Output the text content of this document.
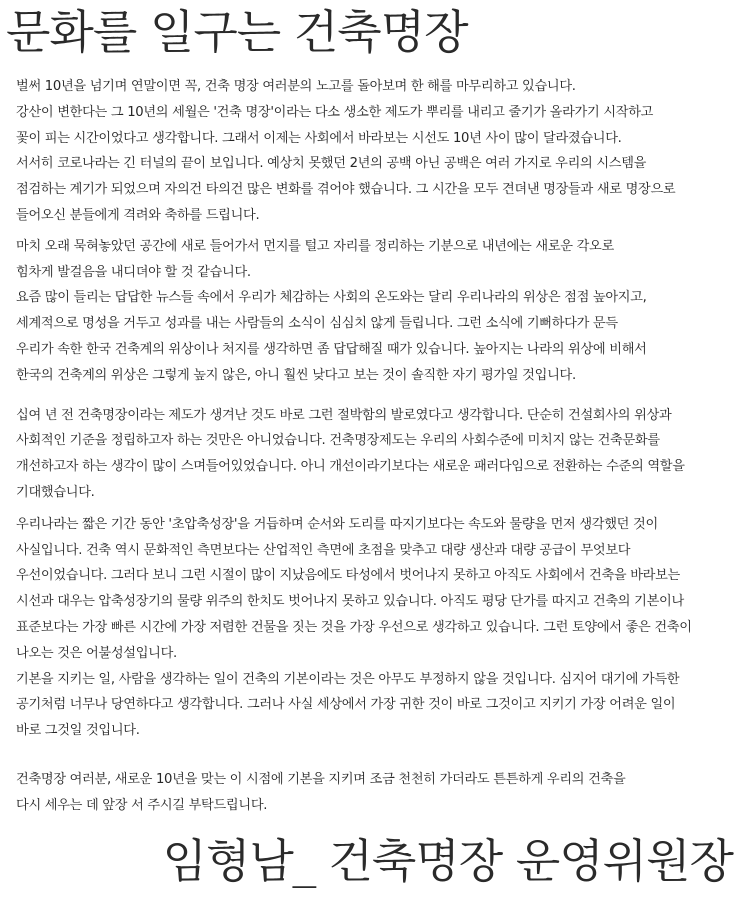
문화를 일구는 건축명장
벌써 10년을 넘기며 연말이면 꼭, 건축 명장 여러분의 노고를 돌아보며 한 해를 마무리하고 있습니다.
강산이 변한다는 그 10년의 세월은 '건축 명장'이라는 다소 생소한 제도가 뿌리를 내리고 줄기가 올라가기 시작하고
꽃이 피는 시간이었다고 생각합니다. 그래서 이제는 사회에서 바라보는 시선도 10년 사이 많이 달라졌습니다.
서서히 코로나라는 긴 터널의 끝이 보입니다. 예상치 못했던 2년의 공백 아닌 공백은 여러 가지로 우리의 시스템을
점검하는 계기가 되었으며 자의건 타의건 많은 변화를 겪어야 했습니다. 그 시간을 모두 견뎌낸 명장들과 새로 명장으로
들어오신 분들에게 격려와 축하를 드립니다.
마치 오래 묵혀놓았던 공간에 새로 들어가서 먼지를 털고 자리를 정리하는 기분으로 내년에는 새로운 각오로
힘차게 발걸음을 내디뎌야 할 것 같습니다.
요즘 많이 들리는 답답한 뉴스들 속에서 우리가 체감하는 사회의 온도와는 달리 우리나라의 위상은 점점 높아지고,
세계적으로 명성을 거두고 성과를 내는 사람들의 소식이 심심치 않게 들립니다. 그런 소식에 기뻐하다가 문득
우리가 속한 한국 건축계의 위상이나 처지를 생각하면 좀 답답해질 때가 있습니다. 높아지는 나라의 위상에 비해서
한국의 건축계의 위상은 그렇게 높지 않은, 아니 훨씬 낮다고 보는 것이 솔직한 자기 평가일 것입니다.
십여 년 전 건축명장이라는 제도가 생겨난 것도 바로 그런 절박함의 발로였다고 생각합니다. 단순히 건설회사의 위상과
사회적인 기준을 정립하고자 하는 것만은 아니었습니다. 건축명장제도는 우리의 사회수준에 미치지 않는 건축문화를
개선하고자 하는 생각이 많이 스며들어있었습니다. 아니 개선이라기보다는 새로운 패러다임으로 전환하는 수준의 역할을
기대했습니다.
우리나라는 짧은 기간 동안 '초압축성장'을 거듭하며 순서와 도리를 따지기보다는 속도와 물량을 먼저 생각했던 것이
사실입니다. 건축 역시 문화적인 측면보다는 산업적인 측면에 초점을 맞추고 대량 생산과 대량 공급이 무엇보다
우선이었습니다. 그러다 보니 그런 시절이 많이 지났음에도 타성에서 벗어나지 못하고 아직도 사회에서 건축을 바라보는
시선과 대우는 압축성장기의 물량 위주의 한치도 벗어나지 못하고 있습니다. 아직도 평당 단가를 따지고 건축의 기본이나
표준보다는 가장 빠른 시간에 가장 저렴한 건물을 짓는 것을 가장 우선으로 생각하고 있습니다. 그런 토양에서 좋은 건축이
나오는 것은 어불성설입니다.
기본을 지키는 일, 사람을 생각하는 일이 건축의 기본이라는 것은 아무도 부정하지 않을 것입니다. 심지어 대기에 가득한
공기처럼 너무나 당연하다고 생각합니다. 그러나 사실 세상에서 가장 귀한 것이 바로 그것이고 지키기 가장 어려운 일이
바로 그것일 것입니다.
건축명장 여러분, 새로운 10년을 맞는 이 시점에 기본을 지키며 조금 천천히 가더라도 튼튼하게 우리의 건축을
다시 세우는 데 앞장 서 주시길 부탁드립니다.
임형남_ 건축명장 운영위원장
